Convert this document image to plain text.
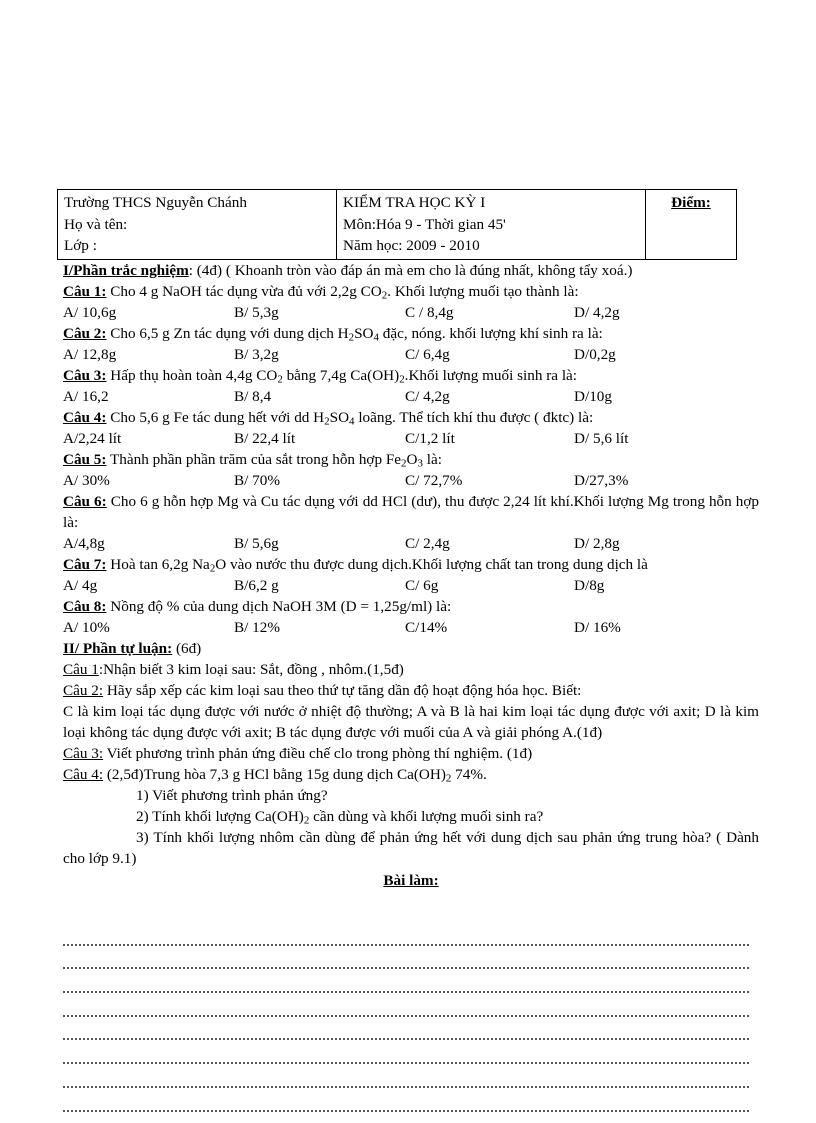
Trường THCS Nguyễn Chánh
Họ và tên:
Lớp :

KIỂM TRA HỌC KỲ I
Môn:Hóa 9 - Thời gian 45'
Năm học: 2009 - 2010
	Điểm:
I/Phần trắc nghiệm: (4đ) ( Khoanh tròn vào đáp án mà em cho là đúng nhất, không tẩy xoá.)
Câu 1: Cho 4 g NaOH tác dụng vừa đủ với 2,2g $CO_2$. Khối lượng muối tạo thành là:
A/ 10,6g	B/ 5,3g	C / 8,4g	D/ 4,2g
Câu 2: Cho 6,5 g Zn tác dụng với dung dịch $H_2SO_4$ đặc, nóng. khối lượng khí sinh ra là:
A/ 12,8g	B/ 3,2g	C/ 6,4g	D/0,2g
Câu 3: Hấp thụ hoàn toàn 4,4g $CO_2$ bằng 7,4g $Ca(OH)_2.Khối$ lượng muối sinh ra là:
A/ 16,2	B/ 8,4	C/ 4,2g	D/10g
Câu 4: Cho 5,6 g Fe tác dung hết với dd $H_2SO_4$ loãng. Thể tích khí thu được ( đktc) là:
A/2,24 lít	B/ 22,4 lít	C/1,2 lít	D/ 5,6 lít
Câu 5: Thành phần phần trăm của sắt trong hỗn hợp $Fe_2O_3$ là:
A/ 30%	B/ 70%	C/ 72,7%	D/27,3%
Câu 6: Cho 6 g hỗn hợp Mg và Cu tác dụng với dd HCl (dư), thu được 2,24 lít khí.Khối lượng Mg trong hỗn hợp là:
A/4,8g	B/ 5,6g	C/ 2,4g	D/ 2,8g
Câu 7: Hoà tan 6,2g $Na_2O$ vào nước thu được dung dịch.Khối lượng chất tan trong dung dịch là
A/ 4g	B/6,2 g	C/ 6g	D/8g
Câu 8: Nồng độ % của dung dịch NaOH 3M (D = 1,25g/ml) là:
A/ 10%	B/ 12%	C/14%	D/ 16%
II/ Phần tự luận: (6đ)
Câu 1:Nhận biết 3 kim loại sau: Sắt, đồng , nhôm.(1,5đ)
Câu 2: Hãy sắp xếp các kim loại sau theo thứ tự tăng dần độ hoạt động hóa học. Biết:
C là kim loại tác dụng được với nước ở nhiệt độ thường; A và B là hai kim loại tác dụng được với axit; D là kim loại không tác dụng được với axit; B tác dụng được với muối của A và giải phóng A.(1đ)
Câu 3: Viết phương trình phản ứng điều chế clo trong phòng thí nghiệm. (1đ)
Câu 4: (2,5đ)Trung hòa 7,3 g HCl bằng 15g dung dịch $Ca(OH)_2$ 74%.
1) Viết phương trình phản ứng?
2) Tính khối lượng $Ca(OH)_2$ cần dùng và khối lượng muối sinh ra?
3) Tính khối lượng nhôm cần dùng để phản ứng hết với dung dịch sau phản ứng trung hòa? ( Dành cho lớp 9.1)
Bài làm:
